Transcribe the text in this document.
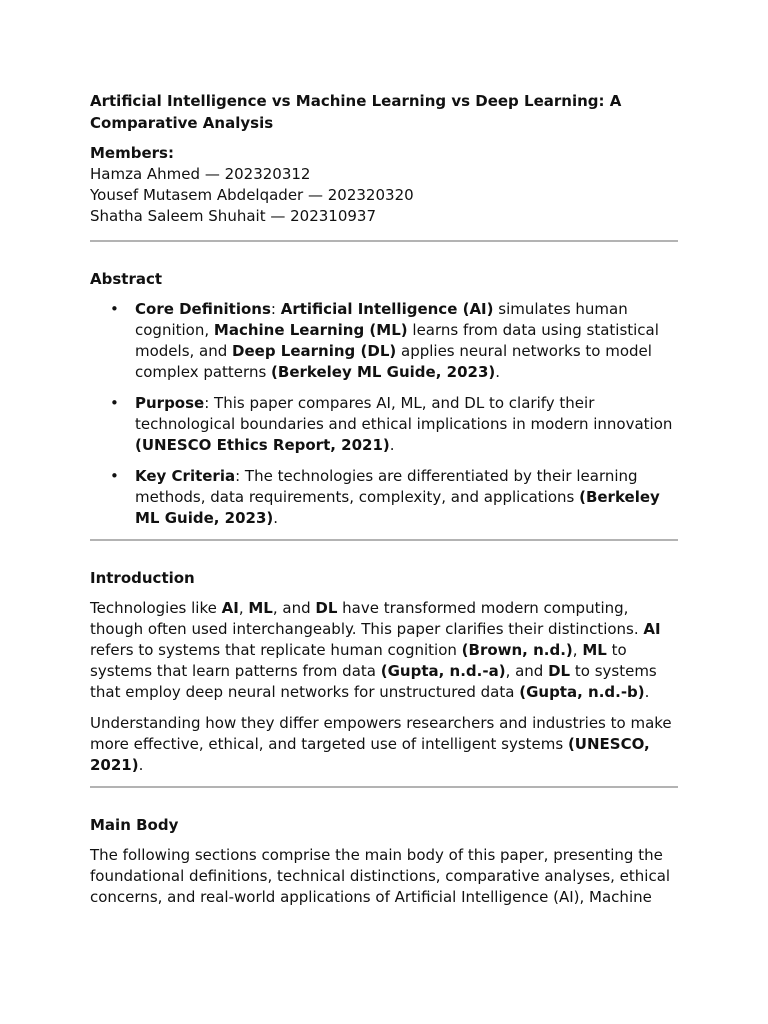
Artificial Intelligence vs Machine Learning vs Deep Learning: A Comparative Analysis

Members:

Hamza Ahmed — 202320312

Yousef Mutasem Abdelqader — 202320320

Shatha Saleem Shuhait — 202310937

Abstract
• Core Definitions: Artificial Intelligence (AI) simulates human cognition, Machine Learning (ML) learns from data using statistical models, and Deep Learning (DL) applies neural networks to model complex patterns (Berkeley ML Guide, 2023).
• Purpose: This paper compares AI, ML, and DL to clarify their technological boundaries and ethical implications in modern innovation (UNESCO Ethics Report, 2021).
• Key Criteria: The technologies are differentiated by their learning methods, data requirements, complexity, and applications (Berkeley ML Guide, 2023).
Introduction

Technologies like AI, ML, and DL have transformed modern computing, though often used interchangeably. This paper clarifies their distinctions. AI refers to systems that replicate human cognition (Brown, n.d.), ML to systems that learn patterns from data (Gupta, n.d.-a), and DL to systems that employ deep neural networks for unstructured data (Gupta, n.d.-b).

Understanding how they differ empowers researchers and industries to make more effective, ethical, and targeted use of intelligent systems (UNESCO, 2021).

Main Body

The following sections comprise the main body of this paper, presenting the foundational definitions, technical distinctions, comparative analyses, ethical concerns, and real-world applications of Artificial Intelligence (AI), Machine
